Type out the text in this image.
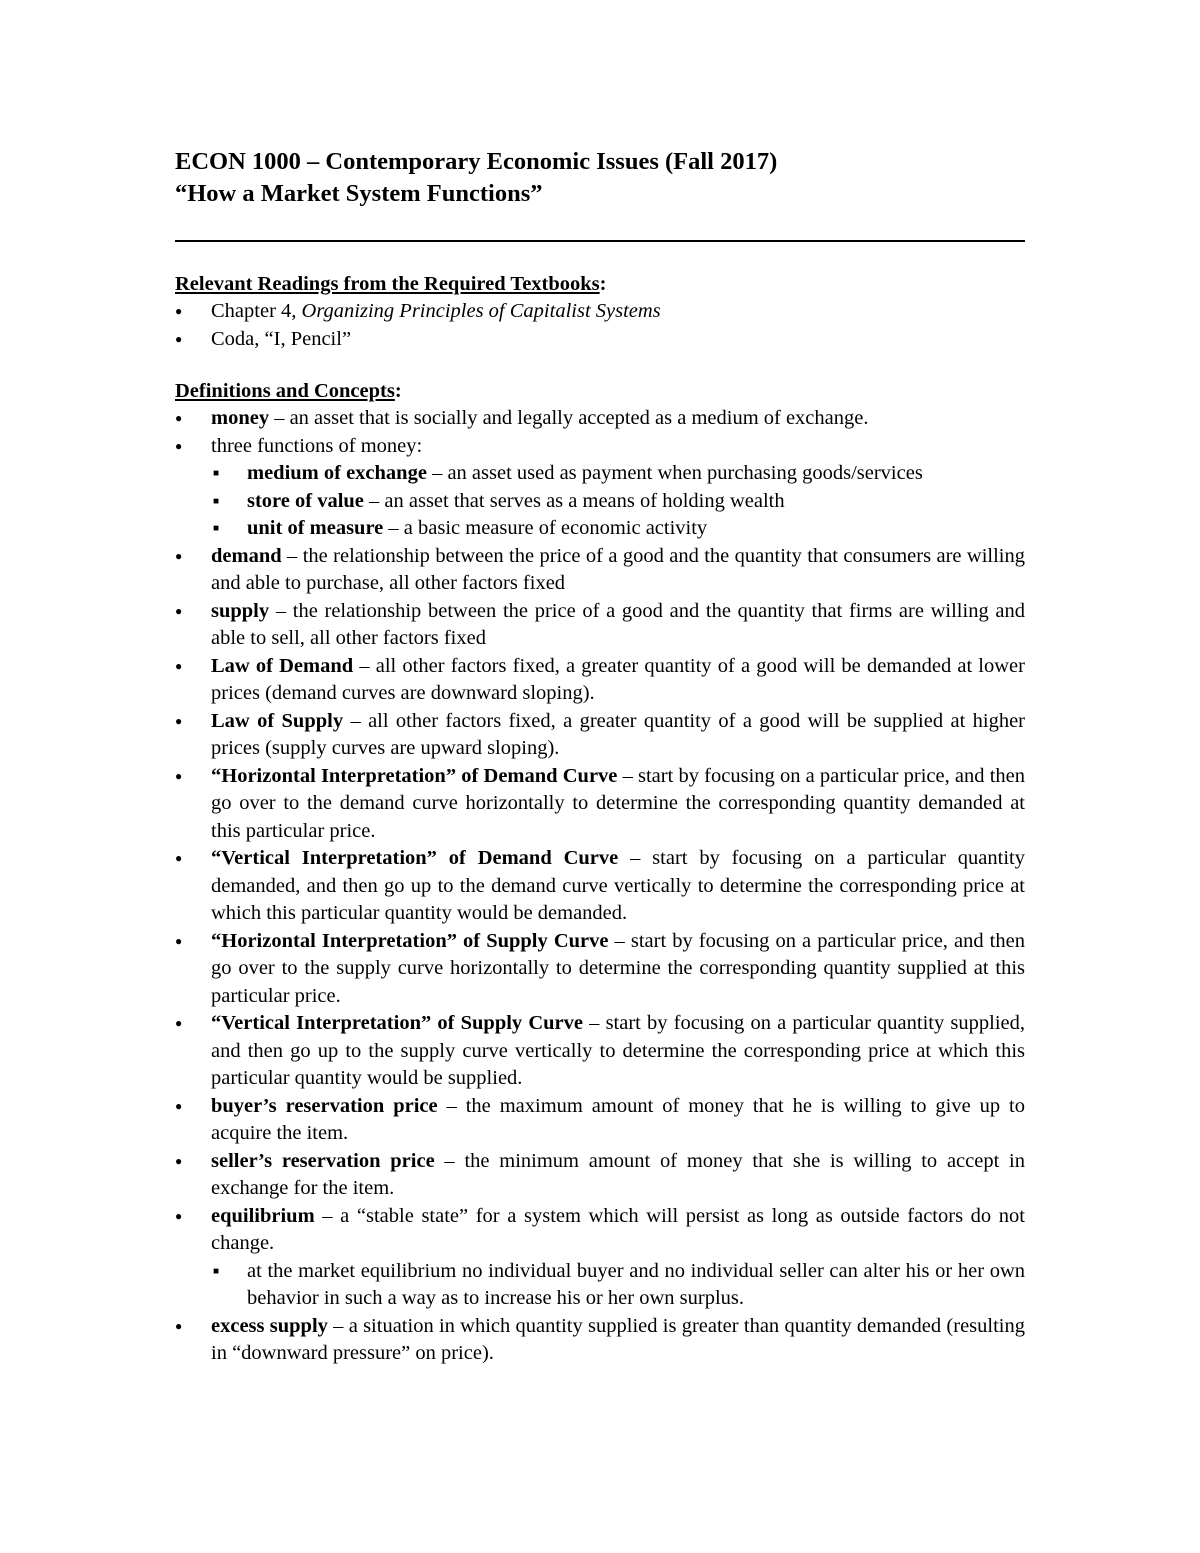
ECON 1000 – Contemporary Economic Issues (Fall 2017)

“How a Market System Functions”

Relevant Readings from the Required Textbooks:

● Chapter 4, Organizing Principles of Capitalist Systems
● Coda, “I, Pencil”

Definitions and Concepts:

● money – an asset that is socially and legally accepted as a medium of exchange.
● three functions of money:
■ medium of exchange – an asset used as payment when purchasing goods/services
■ store of value – an asset that serves as a means of holding wealth
■ unit of measure – a basic measure of economic activity
● demand – the relationship between the price of a good and the quantity that consumers are willing and able to purchase, all other factors fixed
● supply – the relationship between the price of a good and the quantity that firms are willing and able to sell, all other factors fixed
● Law of Demand – all other factors fixed, a greater quantity of a good will be demanded at lower prices (demand curves are downward sloping).
● Law of Supply – all other factors fixed, a greater quantity of a good will be supplied at higher prices (supply curves are upward sloping).
● “Horizontal Interpretation” of Demand Curve – start by focusing on a particular price, and then go over to the demand curve horizontally to determine the corresponding quantity demanded at this particular price.
● “Vertical Interpretation” of Demand Curve – start by focusing on a particular quantity demanded, and then go up to the demand curve vertically to determine the corresponding price at which this particular quantity would be demanded.
● “Horizontal Interpretation” of Supply Curve – start by focusing on a particular price, and then go over to the supply curve horizontally to determine the corresponding quantity supplied at this particular price.
● “Vertical Interpretation” of Supply Curve – start by focusing on a particular quantity supplied, and then go up to the supply curve vertically to determine the corresponding price at which this particular quantity would be supplied.
● buyer’s reservation price – the maximum amount of money that he is willing to give up to acquire the item.
● seller’s reservation price – the minimum amount of money that she is willing to accept in exchange for the item.
● equilibrium – a “stable state” for a system which will persist as long as outside factors do not change.
■ at the market equilibrium no individual buyer and no individual seller can alter his or her own behavior in such a way as to increase his or her own surplus.
● excess supply – a situation in which quantity supplied is greater than quantity demanded (resulting in “downward pressure” on price).
